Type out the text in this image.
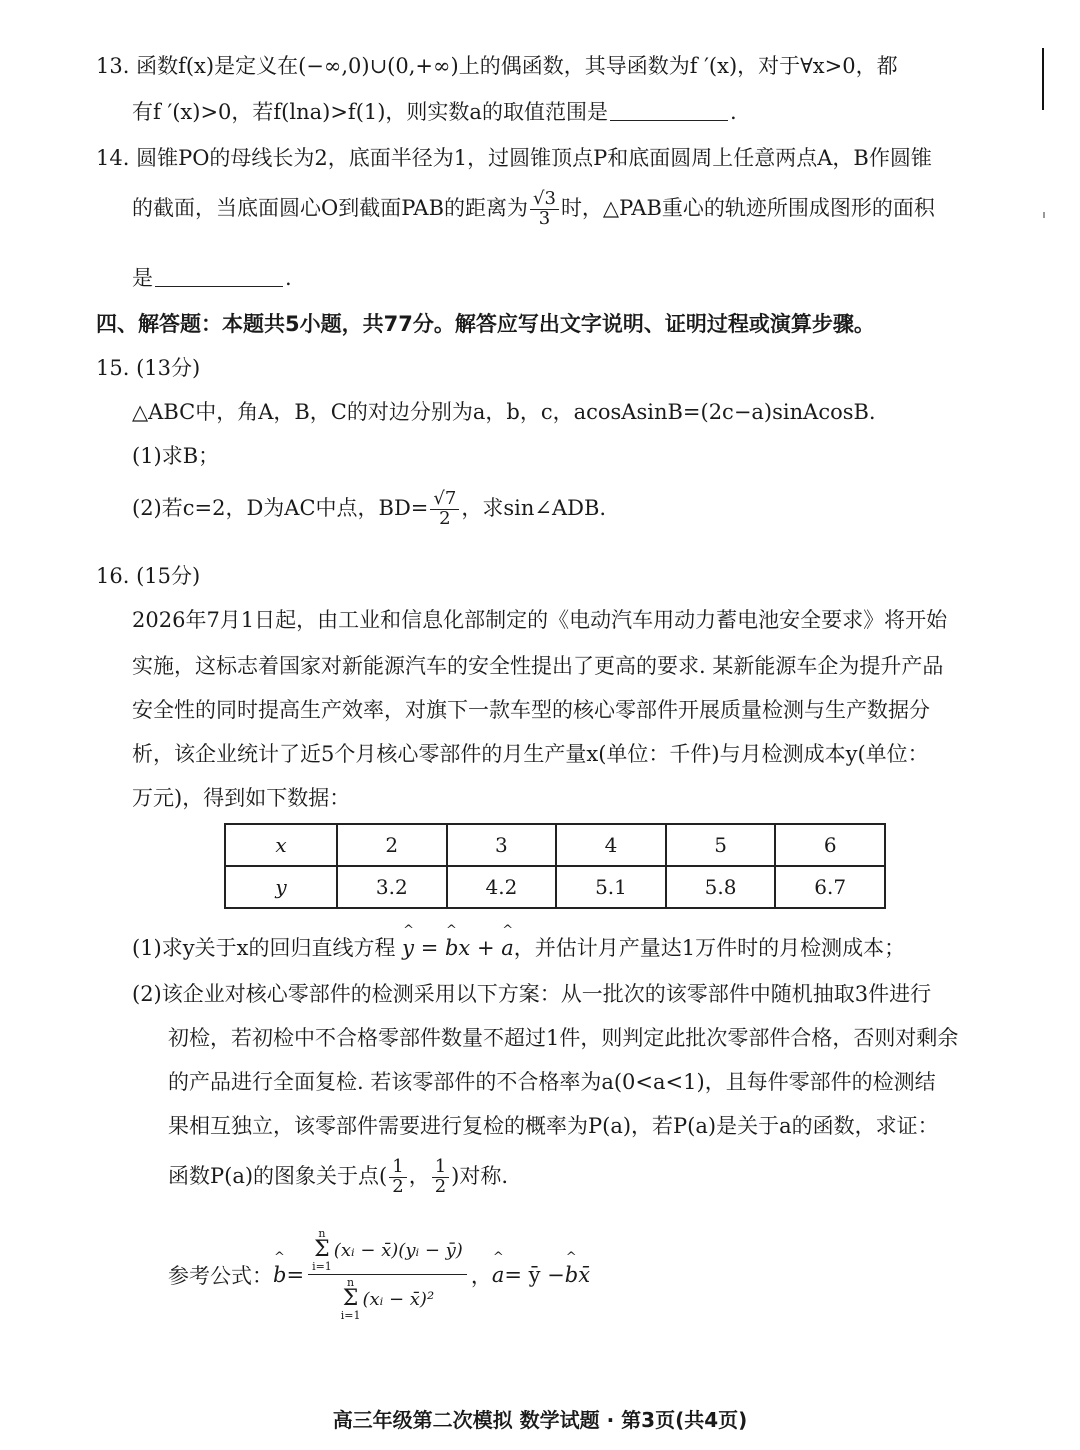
13. 函数f(x)是定义在(−∞,0)∪(0,+∞)上的偶函数，其导函数为f ′(x)，对于∀x>0，都
有f ′(x)>0，若f(lna)>f(1)，则实数a的取值范围是	.
14. 圆锥PO的母线长为2，底面半径为1，过圆锥顶点P和底面圆周上任意两点A，B作圆锥
的截面，当底面圆心O到截面PAB的距离为 $\frac{√3}{3}$ 时，△PAB重心的轨迹所围成图形的面积
是	.
四、解答题：本题共5小题，共77分。解答应写出文字说明、证明过程或演算步骤。
15. (13分)
△ABC中，角A，B，C的对边分别为a，b，c，acosAsinB=(2c−a)sinAcosB.
(1)求B；
(2)若c=2，D为AC中点，$BD= \frac{√7}{2}$ ，求sin∠ADB.
16. (15分)
2026年7月1日起，由工业和信息化部制定的《电动汽车用动力蓄电池安全要求》将开始
实施，这标志着国家对新能源汽车的安全性提出了更高的要求. 某新能源车企为提升产品
安全性的同时提高生产效率，对旗下一款车型的核心零部件开展质量检测与生产数据分
析，该企业统计了近5个月核心零部件的月生产量x(单位：千件)与月检测成本y(单位：
万元)，得到如下数据：
x	2	3	4	5	6
y	3.2	4.2	5.1	5.8	6.7
(1)求y关于x的回归直线方程 ^ y = ^ bx + ^ a，并估计月产量达1万件时的月检测成本；
(2)该企业对核心零部件的检测采用以下方案：从一批次的该零部件中随机抽取3件进行
初检，若初检中不合格零部件数量不超过1件，则判定此批次零部件合格，否则对剩余
的产品进行全面复检. 若该零部件的不合格率为a(0<a<1)，且每件零部件的检测结
果相互独立，该零部件需要进行复检的概率为P(a)，若P(a)是关于a的函数，求证：
函数P(a)的图象关于点( $\frac{1}{2}$ ， $\frac{1}{2}$ )对称.
参考公式： ^ b =
n
Σ
i=1
(xᵢ − x̄)(yᵢ − ȳ)
n
Σ
i=1
(xᵢ − x̄)²
， ^ a = ȳ − ^ b x̄
高三年级第二次模拟 数学试题 · 第3页(共4页)
